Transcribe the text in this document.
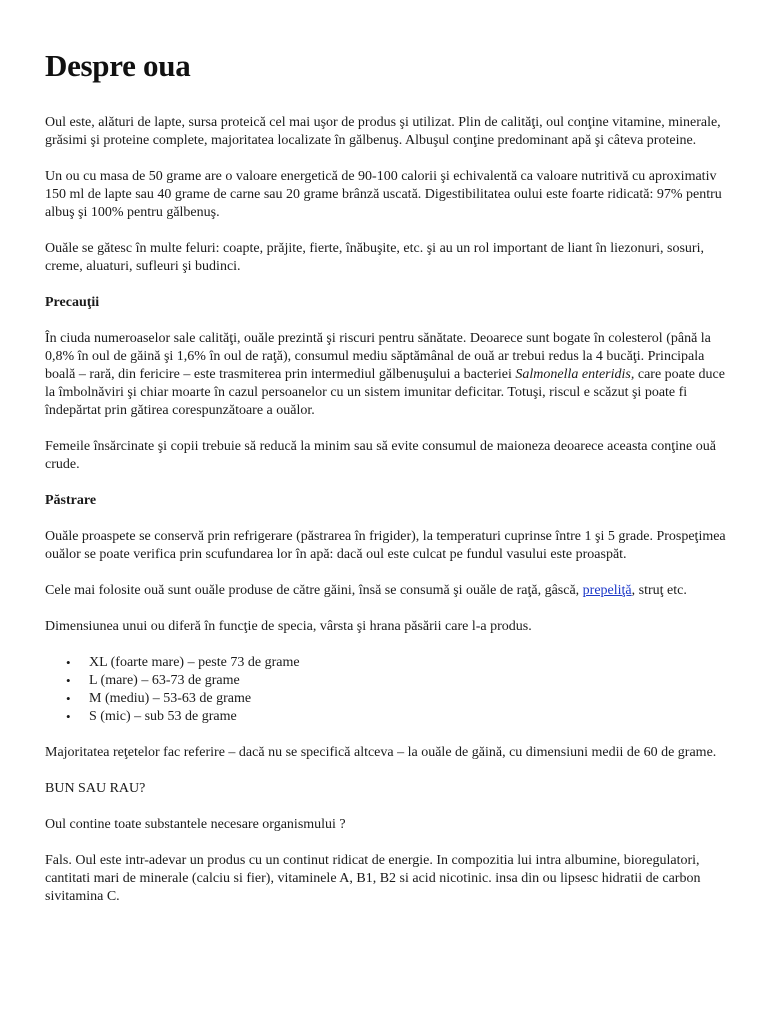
Despre oua

Oul este, alături de lapte, sursa proteică cel mai uşor de produs şi utilizat. Plin de calităţi, oul conţine vitamine, minerale, grăsimi şi proteine complete, majoritatea localizate în gălbenuş. Albuşul conţine predominant apă şi câteva proteine.

Un ou cu masa de 50 grame are o valoare energetică de 90-100 calorii şi echivalentă ca valoare nutritivă cu aproximativ 150 ml de lapte sau 40 grame de carne sau 20 grame brânză uscată. Digestibilitatea oului este foarte ridicată: 97% pentru albuş şi 100% pentru gălbenuş.

Ouăle se gătesc în multe feluri: coapte, prăjite, fierte, înăbuşite, etc. şi au un rol important de liant în liezonuri, sosuri, creme, aluaturi, sufleuri şi budinci.

Precauţii

În ciuda numeroaselor sale calităţi, ouăle prezintă şi riscuri pentru sănătate. Deoarece sunt bogate în colesterol (până la 0,8% în oul de găină şi 1,6% în oul de raţă), consumul mediu săptămânal de ouă ar trebui redus la 4 bucăţi. Principala boală – rară, din fericire – este trasmiterea prin intermediul gălbenuşului a bacteriei Salmonella enteridis, care poate duce la îmbolnăviri şi chiar moarte în cazul persoanelor cu un sistem imunitar deficitar. Totuşi, riscul e scăzut şi poate fi îndepărtat prin gătirea corespunzătoare a ouălor.

Femeile însărcinate şi copii trebuie să reducă la minim sau să evite consumul de maioneza deoarece aceasta conţine ouă crude.

Păstrare

Ouăle proaspete se conservă prin refrigerare (păstrarea în frigider), la temperaturi cuprinse între 1 şi 5 grade. Prospeţimea ouălor se poate verifica prin scufundarea lor în apă: dacă oul este culcat pe fundul vasului este proaspăt.

Cele mai folosite ouă sunt ouăle produse de către găini, însă se consumă şi ouăle de raţă, gâscă, prepeliţă, struţ etc.

Dimensiunea unui ou diferă în funcţie de specia, vârsta şi hrana păsării care l-a produs.

• XL (foarte mare) – peste 73 de grame
• L (mare) – 63-73 de grame
• M (mediu) – 53-63 de grame
• S (mic) – sub 53 de grame

Majoritatea reţetelor fac referire – dacă nu se specifică altceva – la ouăle de găină, cu dimensiuni medii de 60 de grame.

BUN SAU RAU?

Oul contine toate substantele necesare organismului ?

Fals. Oul este intr-adevar un produs cu un continut ridicat de energie. In compozitia lui intra albumine, bioregulatori, cantitati mari de minerale (calciu si fier), vitaminele A, B1, B2 si acid nicotinic. insa din ou lipsesc hidratii de carbon sivitamina C.
